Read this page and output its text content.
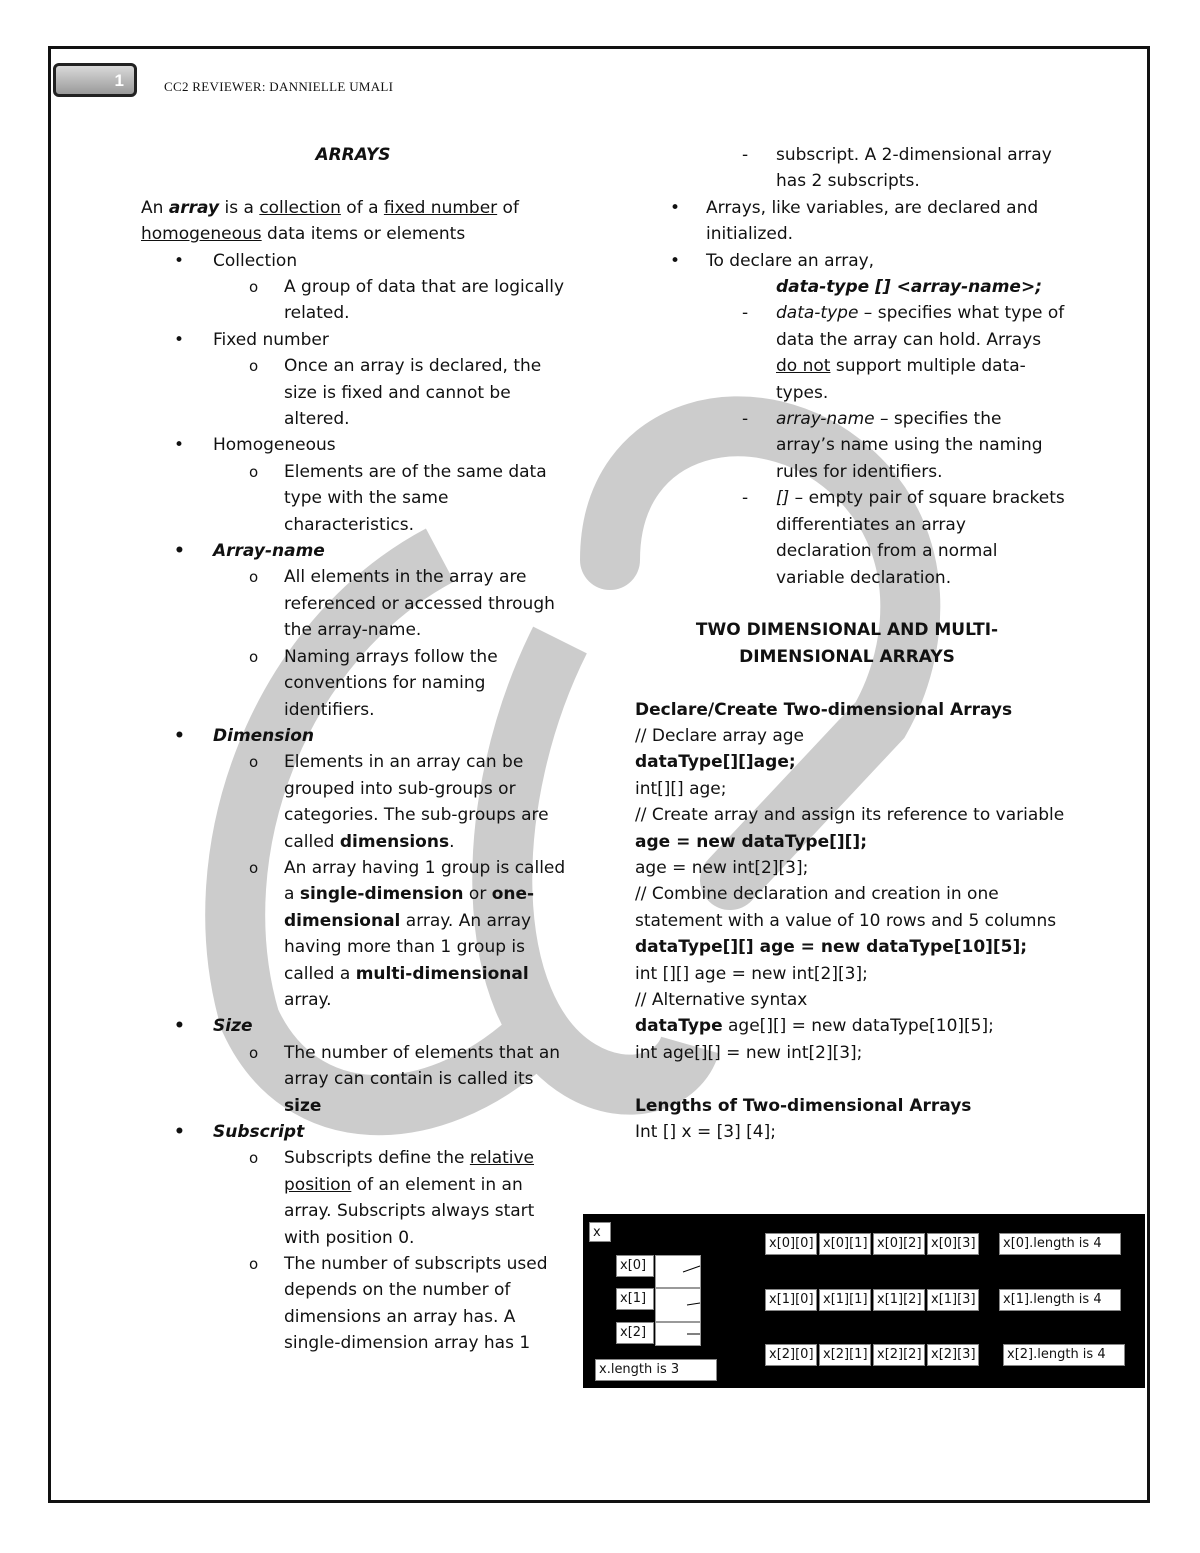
1	CC2 REVIEWER: DANNIELLE UMALI

ARRAYS

An array is a collection of a fixed number of homogeneous data items or elements

• Collection

o A group of data that are logically related.

• Fixed number

o Once an array is declared, the size is fixed and cannot be altered.

• Homogeneous

o Elements are of the same data type with the same characteristics.

• Array-name

o All elements in the array are referenced or accessed through the array-name.

o Naming arrays follow the conventions for naming identifiers.

• Dimension

o Elements in an array can be grouped into sub-groups or categories. The sub-groups are called dimensions.

o An array having 1 group is called a single-dimension or one-dimensional array. An array having more than 1 group is called a multi-dimensional array.

• Size

o The number of elements that an array can contain is called its size

• Subscript

o Subscripts define the relative position of an element in an array. Subscripts always start with position 0.

o The number of subscripts used depends on the number of dimensions an array has. A single-dimension array has 1

- subscript. A 2-dimensional array has 2 subscripts.

• Arrays, like variables, are declared and initialized.

• To declare an array,

data-type [] <array-name>;

- data-type – specifies what type of data the array can hold. Arrays do not support multiple data-types.

- array-name – specifies the array’s name using the naming rules for identifiers.

- [] – empty pair of square brackets differentiates an array declaration from a normal variable declaration.

TWO DIMENSIONAL AND MULTI-

DIMENSIONAL ARRAYS

Declare/Create Two-dimensional Arrays

// Declare array age

dataType[][]age;

int[][] age;

// Create array and assign its reference to variable

age = new dataType[][];

age = new int[2][3];

// Combine declaration and creation in one statement with a value of 10 rows and 5 columns

dataType[][] age = new dataType[10][5];

int [][] age = new int[2][3];

// Alternative syntax

dataType age[][] = new dataType[10][5];

int age[][] = new int[2][3];

Lengths of Two-dimensional Arrays

Int [] x = [3] [4];

x
x[0]
x[1]
x[2]
x.length is 3
x[0][0] x[0][1] x[0][2] x[0][3]	x[0].length is 4
x[1][0] x[1][1] x[1][2] x[1][3]	x[1].length is 4
x[2][0] x[2][1] x[2][2] x[2][3]	x[2].length is 4
